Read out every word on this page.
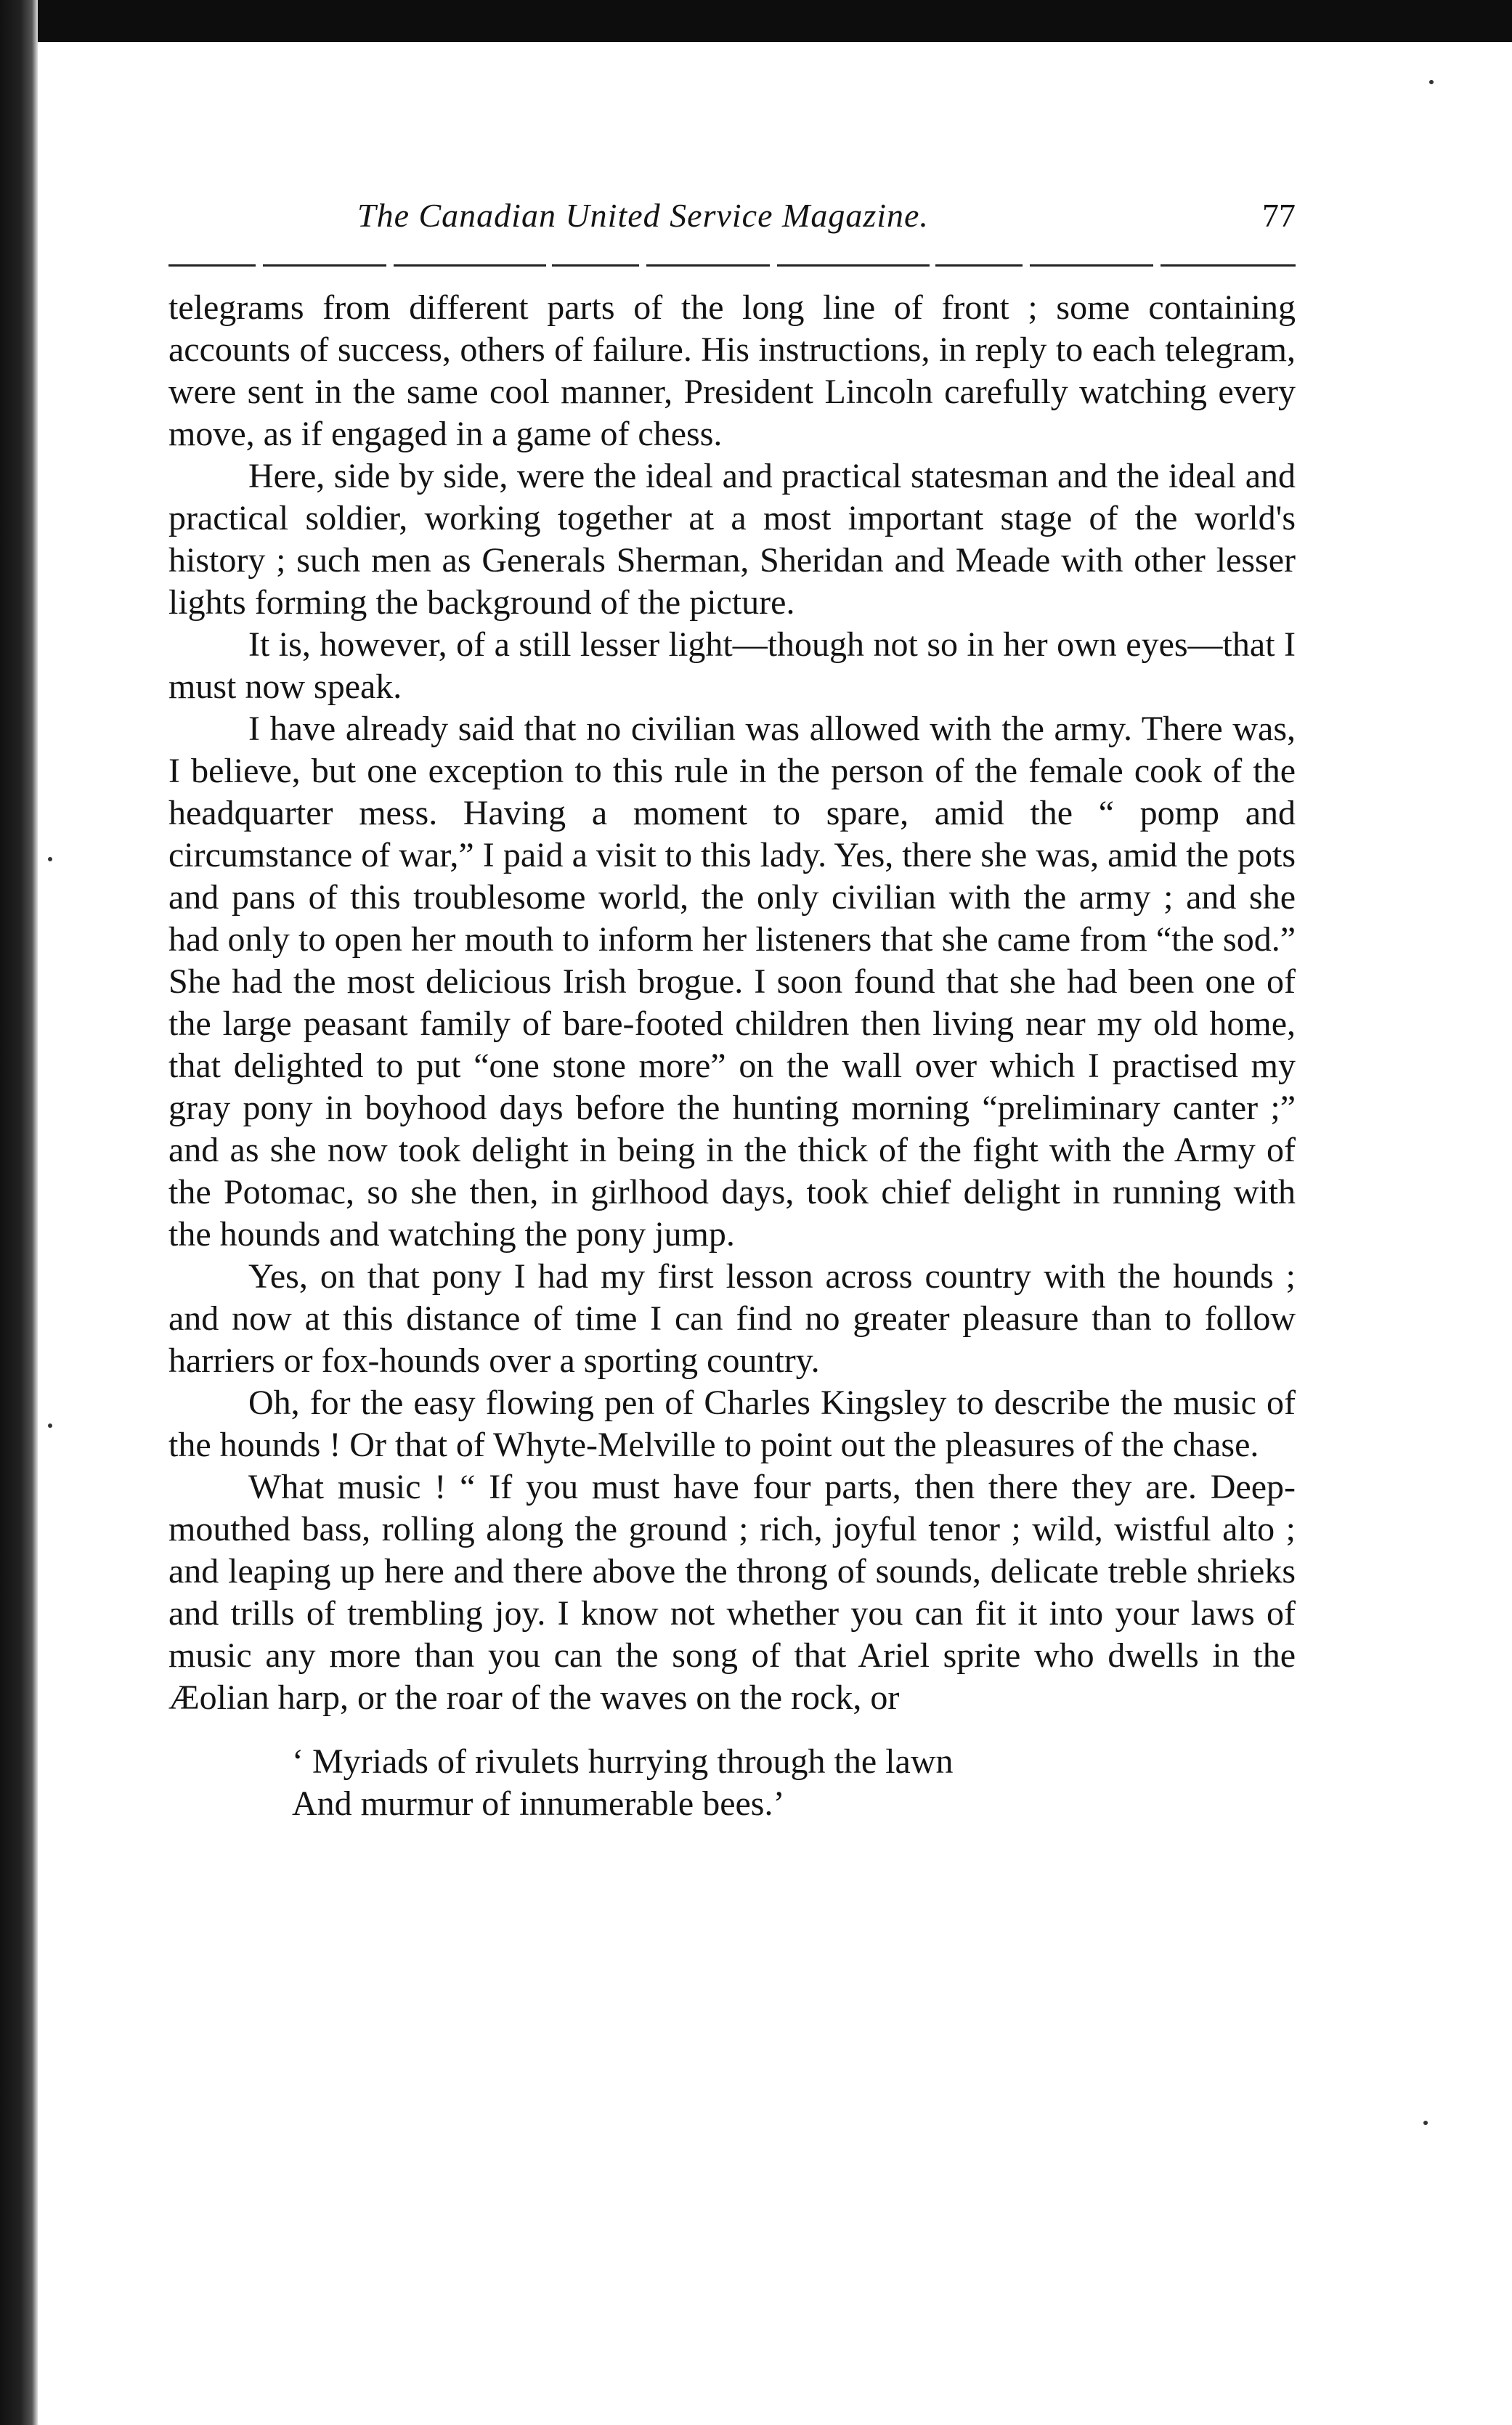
The Canadian United Service Magazine.	77

telegrams from different parts of the long line of front ; some containing accounts of success, others of failure. His instructions, in reply to each telegram, were sent in the same cool manner, President Lincoln carefully watching every move, as if engaged in a game of chess.

Here, side by side, were the ideal and practical statesman and the ideal and practical soldier, working together at a most important stage of the world's history ; such men as Generals Sherman, Sheridan and Meade with other lesser lights forming the background of the picture.

It is, however, of a still lesser light—though not so in her own eyes—that I must now speak.

I have already said that no civilian was allowed with the army. There was, I believe, but one exception to this rule in the person of the female cook of the headquarter mess. Having a moment to spare, amid the “ pomp and circumstance of war,” I paid a visit to this lady. Yes, there she was, amid the pots and pans of this troublesome world, the only civilian with the army ; and she had only to open her mouth to inform her listeners that she came from “the sod.” She had the most delicious Irish brogue. I soon found that she had been one of the large peasant family of bare-footed children then living near my old home, that delighted to put “one stone more” on the wall over which I practised my gray pony in boyhood days before the hunting morning “preliminary canter ;” and as she now took delight in being in the thick of the fight with the Army of the Potomac, so she then, in girlhood days, took chief delight in running with the hounds and watching the pony jump.

Yes, on that pony I had my first lesson across country with the hounds ; and now at this distance of time I can find no greater pleasure than to follow harriers or fox-hounds over a sporting country.

Oh, for the easy flowing pen of Charles Kingsley to describe the music of the hounds ! Or that of Whyte-Melville to point out the pleasures of the chase.

What music ! “ If you must have four parts, then there they are. Deep-mouthed bass, rolling along the ground ; rich, joyful tenor ; wild, wistful alto ; and leaping up here and there above the throng of sounds, delicate treble shrieks and trills of trembling joy. I know not whether you can fit it into your laws of music any more than you can the song of that Ariel sprite who dwells in the Æolian harp, or the roar of the waves on the rock, or

‘ Myriads of rivulets hurrying through the lawn
And murmur of innumerable bees.’
